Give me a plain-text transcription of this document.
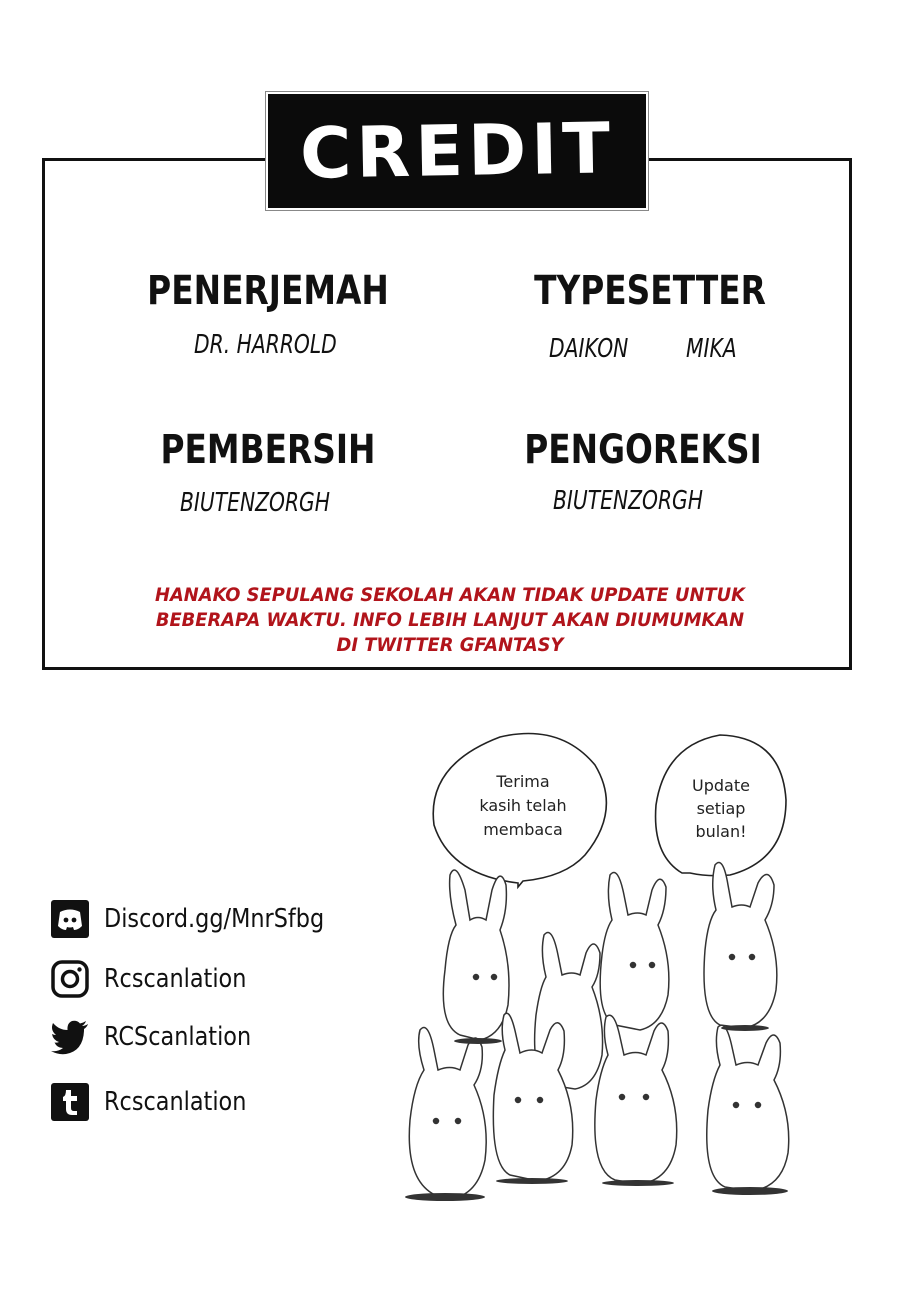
CREDIT
PENERJEMAH
DR. HARROLD
TYPESETTER
DAIKON MIKA
PEMBERSIH
BIUTENZORGH
PENGOREKSI
BIUTENZORGH
HANAKO SEPULANG SEKOLAH AKAN TIDAK UPDATE UNTUK
BEBERAPA WAKTU. INFO LEBIH LANJUT AKAN DIUMUMKAN
DI TWITTER GFANTASY
Discord.gg/MnrSfbg
Rcscanlation
RCScanlation
Rcscanlation
Terima
kasih telah
membaca
Update
setiap
bulan!
